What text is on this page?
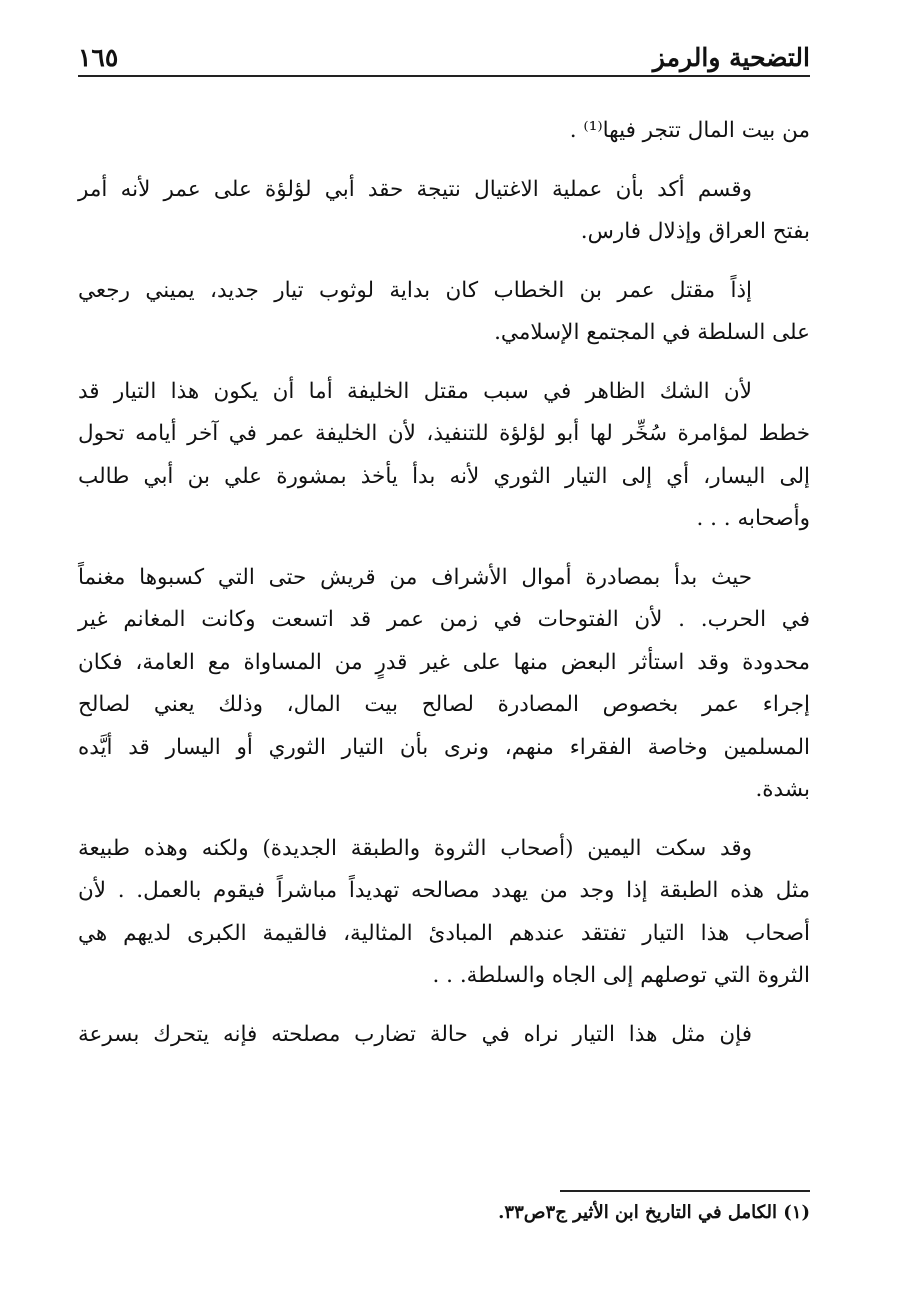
التضحية والرمز
١٦٥
من بيت المال تتجر فيها⁽¹⁾ .
وقسم أكد بأن عملية الاغتيال نتيجة حقد أبي لؤلؤة على عمر لأنه أمر
بفتح العراق وإذلال فارس.
إذاً مقتل عمر بن الخطاب كان بداية لوثوب تيار جديد، يميني رجعي
على السلطة في المجتمع الإسلامي.
لأن الشك الظاهر في سبب مقتل الخليفة أما أن يكون هذا التيار قد
خطط لمؤامرة سُخِّر لها أبو لؤلؤة للتنفيذ، لأن الخليفة عمر في آخر أيامه تحول
إلى اليسار، أي إلى التيار الثوري لأنه بدأ يأخذ بمشورة علي بن أبي طالب
وأصحابه . . .
حيث بدأ بمصادرة أموال الأشراف من قريش حتى التي كسبوها مغنماً
في الحرب. . لأن الفتوحات في زمن عمر قد اتسعت وكانت المغانم غير
محدودة وقد استأثر البعض منها على غير قدرٍ من المساواة مع العامة، فكان
إجراء عمر بخصوص المصادرة لصالح بيت المال، وذلك يعني لصالح
المسلمين وخاصة الفقراء منهم، ونرى بأن التيار الثوري أو اليسار قد أيَّده
بشدة.
وقد سكت اليمين (أصحاب الثروة والطبقة الجديدة) ولكنه وهذه طبيعة
مثل هذه الطبقة إذا وجد من يهدد مصالحه تهديداً مباشراً فيقوم بالعمل. . لأن
أصحاب هذا التيار تفتقد عندهم المبادئ المثالية، فالقيمة الكبرى لديهم هي
الثروة التي توصلهم إلى الجاه والسلطة. . .
فإن مثل هذا التيار نراه في حالة تضارب مصلحته فإنه يتحرك بسرعة
(١) الكامل في التاريخ ابن الأثير ج٣ص٣٣.
